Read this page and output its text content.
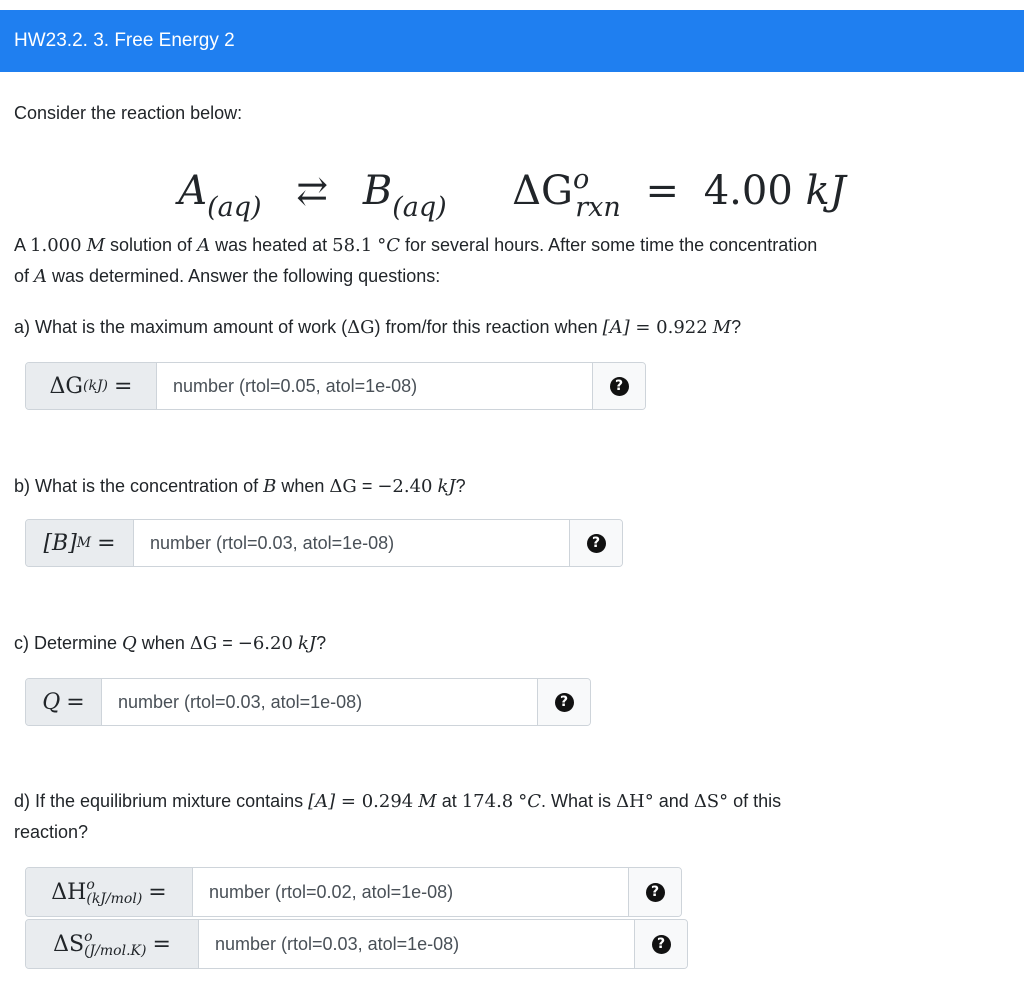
HW23.2. 3. Free Energy 2
Consider the reaction below:
$A_{(aq)}$ ⇄ $B_{(aq)}$ $\Delta G^o_{rxn} = 4.00$ kJ
A 1.000 M solution of A was heated at 58.1 °C for several hours. After some time the concentration
of A was determined. Answer the following questions:
a) What is the maximum amount of work (ΔG) from/for this reaction when [A] = 0.922 M?
ΔG (kJ) =
number (rtol=0.05, atol=1e-08)	?
b) What is the concentration of B when ΔG = −2.40 kJ?
[B] M =
number (rtol=0.03, atol=1e-08)	?
c) Determine Q when ΔG = −6.20 kJ?
Q =
number (rtol=0.03, atol=1e-08)	?
d) If the equilibrium mixture contains [A] = 0.294 M at 174.8 °C. What is ΔH° and ΔS° of this
reaction?
ΔH o
(kJ/mol) =
number (rtol=0.02, atol=1e-08)	?
ΔS o
(J/mol.K) =
number (rtol=0.03, atol=1e-08)	?
